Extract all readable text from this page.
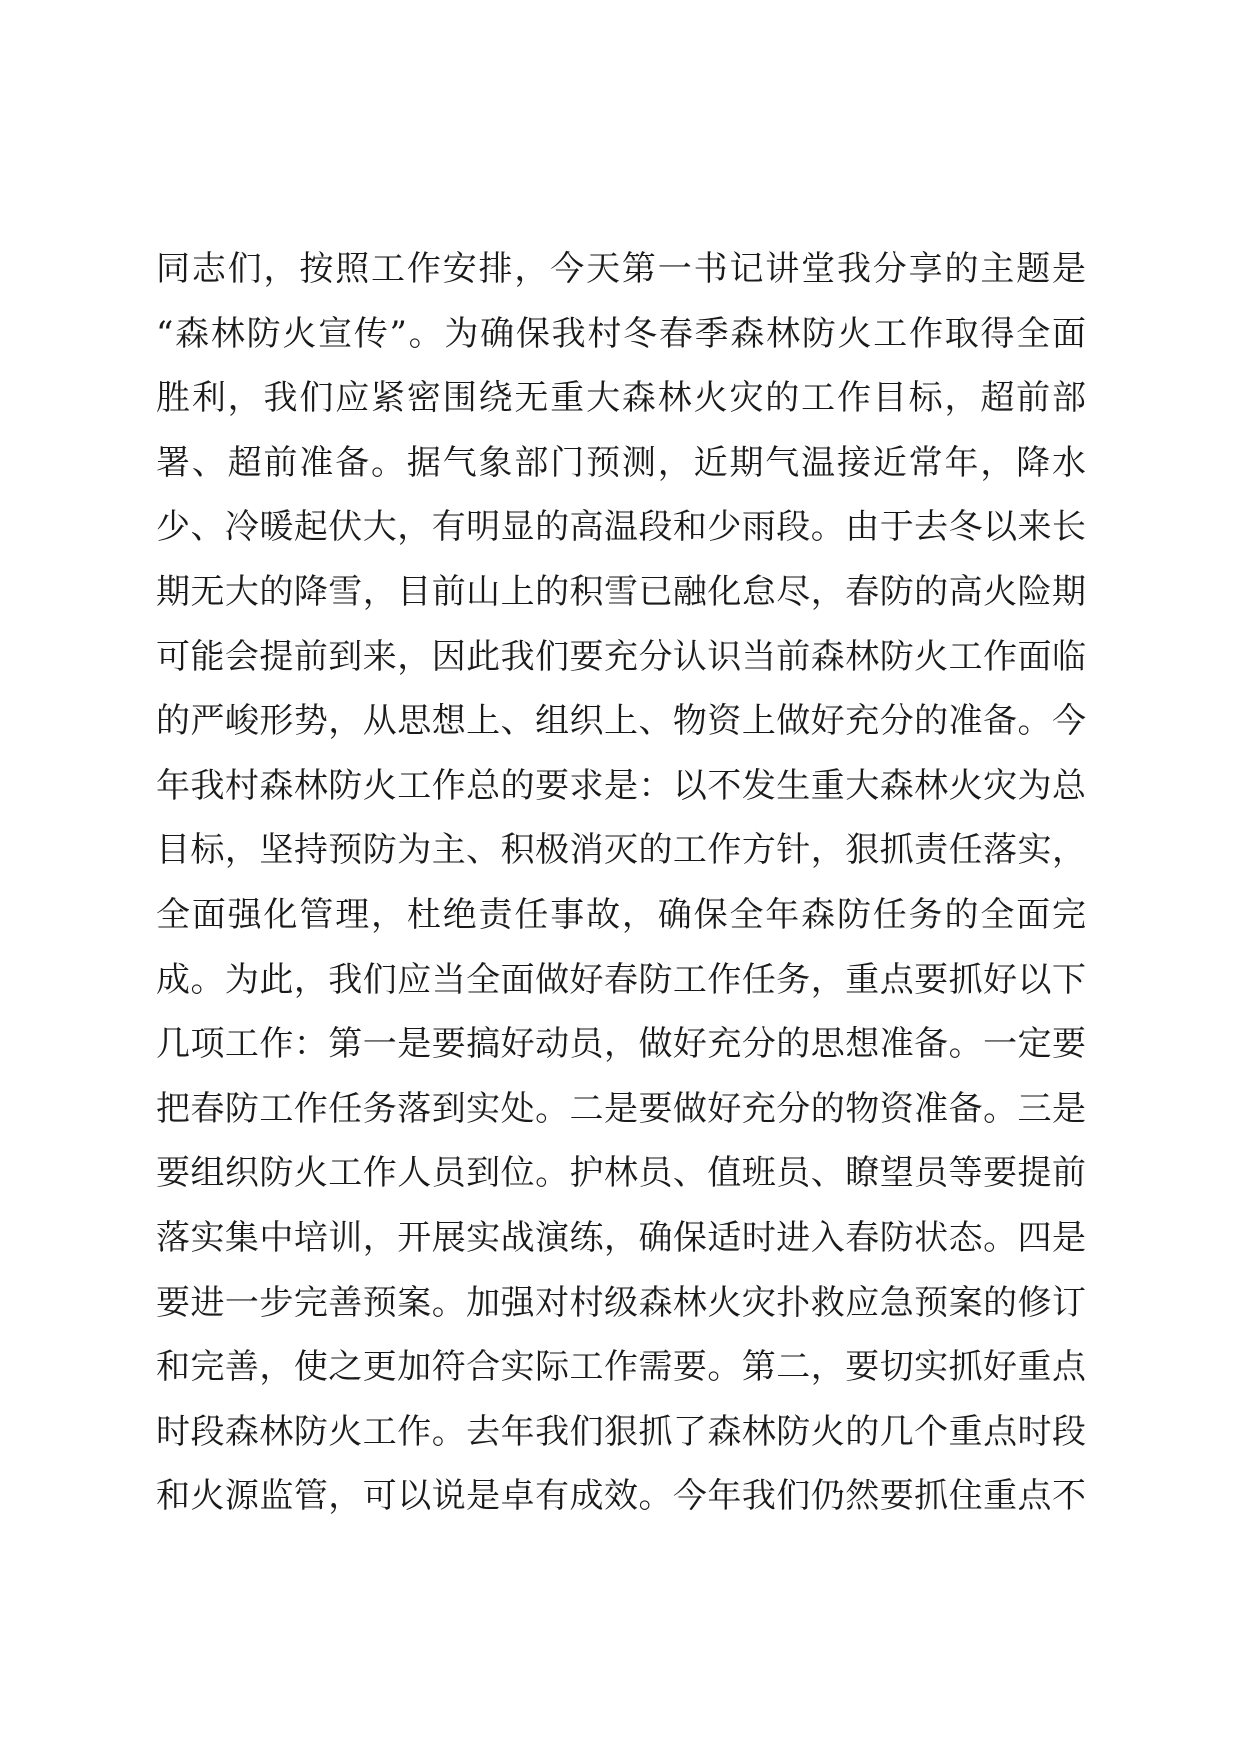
同志们，按照工作安排，今天第一书记讲堂我分享的主题是
“森林防火宣传”。为确保我村冬春季森林防火工作取得全面
胜利，我们应紧密围绕无重大森林火灾的工作目标，超前部
署、超前准备。据气象部门预测，近期气温接近常年，降水
少、冷暖起伏大，有明显的高温段和少雨段。由于去冬以来长
期无大的降雪，目前山上的积雪已融化怠尽，春防的高火险期
可能会提前到来，因此我们要充分认识当前森林防火工作面临
的严峻形势，从思想上、组织上、物资上做好充分的准备。今
年我村森林防火工作总的要求是：以不发生重大森林火灾为总
目标，坚持预防为主、积极消灭的工作方针，狠抓责任落实，
全面强化管理，杜绝责任事故，确保全年森防任务的全面完
成。为此，我们应当全面做好春防工作任务，重点要抓好以下
几项工作：第一是要搞好动员，做好充分的思想准备。一定要
把春防工作任务落到实处。二是要做好充分的物资准备。三是
要组织防火工作人员到位。护林员、值班员、瞭望员等要提前
落实集中培训，开展实战演练，确保适时进入春防状态。四是
要进一步完善预案。加强对村级森林火灾扑救应急预案的修订
和完善，使之更加符合实际工作需要。第二，要切实抓好重点
时段森林防火工作。去年我们狠抓了森林防火的几个重点时段
和火源监管，可以说是卓有成效。今年我们仍然要抓住重点不
